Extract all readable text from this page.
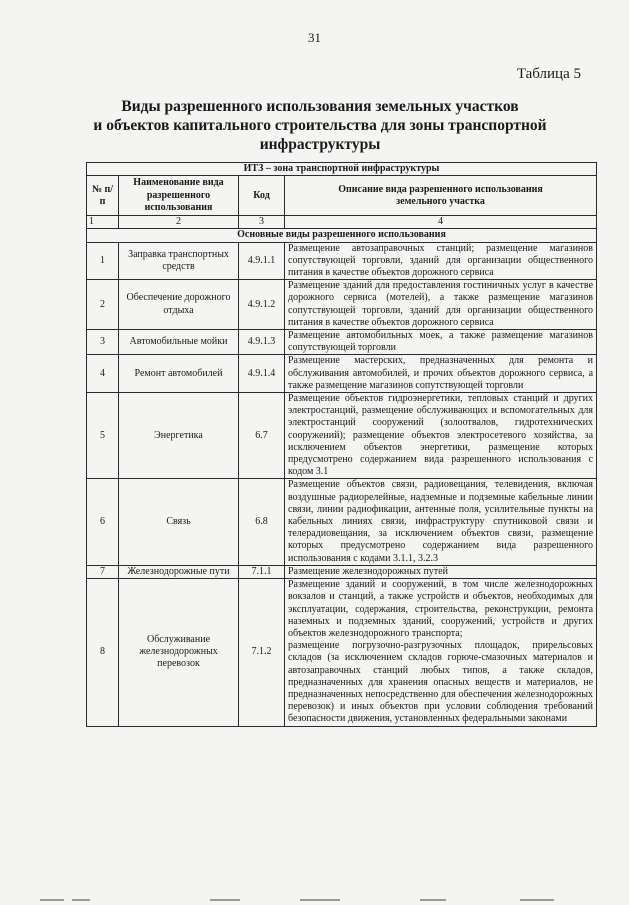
31
Таблица 5
Виды разрешенного использования земельных участков
и объектов капитального строительства для зоны транспортной
инфраструктуры
ИТЗ – зона транспортной инфраструктуры			
№ п/п	Наименование вида разрешенного использования	Код	Описание вида разрешенного использования земельного участка
1	2	3	4
Основные виды разрешенного использования			
1	Заправка транспортных средств	4.9.1.1	Размещение автозаправочных станций; размещение магазинов сопутствующей торговли, зданий для организации общественного питания в качестве объектов дорожного сервиса

2	Обеспечение дорожного отдыха	4.9.1.2	Размещение зданий для предоставления гостиничных услуг в качестве дорожного сервиса (мотелей), а также размещение магазинов сопутствующей торговли, зданий для организации общественного питания в качестве объектов дорожного сервиса

3	Автомобильные мойки	4.9.1.3	Размещение автомобильных моек, а также размещение магазинов сопутствующей торговли

4	Ремонт автомобилей	4.9.1.4	Размещение мастерских, предназначенных для ремонта и обслуживания автомобилей, и прочих объектов дорожного сервиса, а также размещение магазинов сопутствующей торговли

5	Энергетика	6.7	Размещение объектов гидроэнергетики, тепловых станций и других электростанций, размещение обслуживающих и вспомогательных для электростанций сооружений (золоотвалов, гидротехнических сооружений); размещение объектов электросетевого хозяйства, за исключением объектов энергетики, размещение которых предусмотрено содержанием вида разрешенного использования с кодом 3.1

6	Связь	6.8	Размещение объектов связи, радиовещания, телевидения, включая воздушные радиорелейные, надземные и подземные кабельные линии связи, линии радиофикации, антенные поля, усилительные пункты на кабельных линиях связи, инфраструктуру спутниковой связи и телерадиовещания, за исключением объектов связи, размещение которых предусмотрено содержанием вида разрешенного использования с кодами 3.1.1, 3.2.3

7	Железнодорожные пути	7.1.1	Размещение железнодорожных путей

8	Обслуживание железнодорожных перевозок	7.1.2	Размещение зданий и сооружений, в том числе железнодорожных вокзалов и станций, а также устройств и объектов, необходимых для эксплуатации, содержания, строительства, реконструкции, ремонта наземных и подземных зданий, сооружений, устройств и других объектов железнодорожного транспорта;

размещение погрузочно-разгрузочных площадок, прирельсовых складов (за исключением складов горюче-смазочных материалов и автозаправочных станций любых типов, а также складов, предназначенных для хранения опасных веществ и материалов, не предназначенных непосредственно для обеспечения железнодорожных перевозок) и иных объектов при условии соблюдения требований безопасности движения, установленных федеральными законами
